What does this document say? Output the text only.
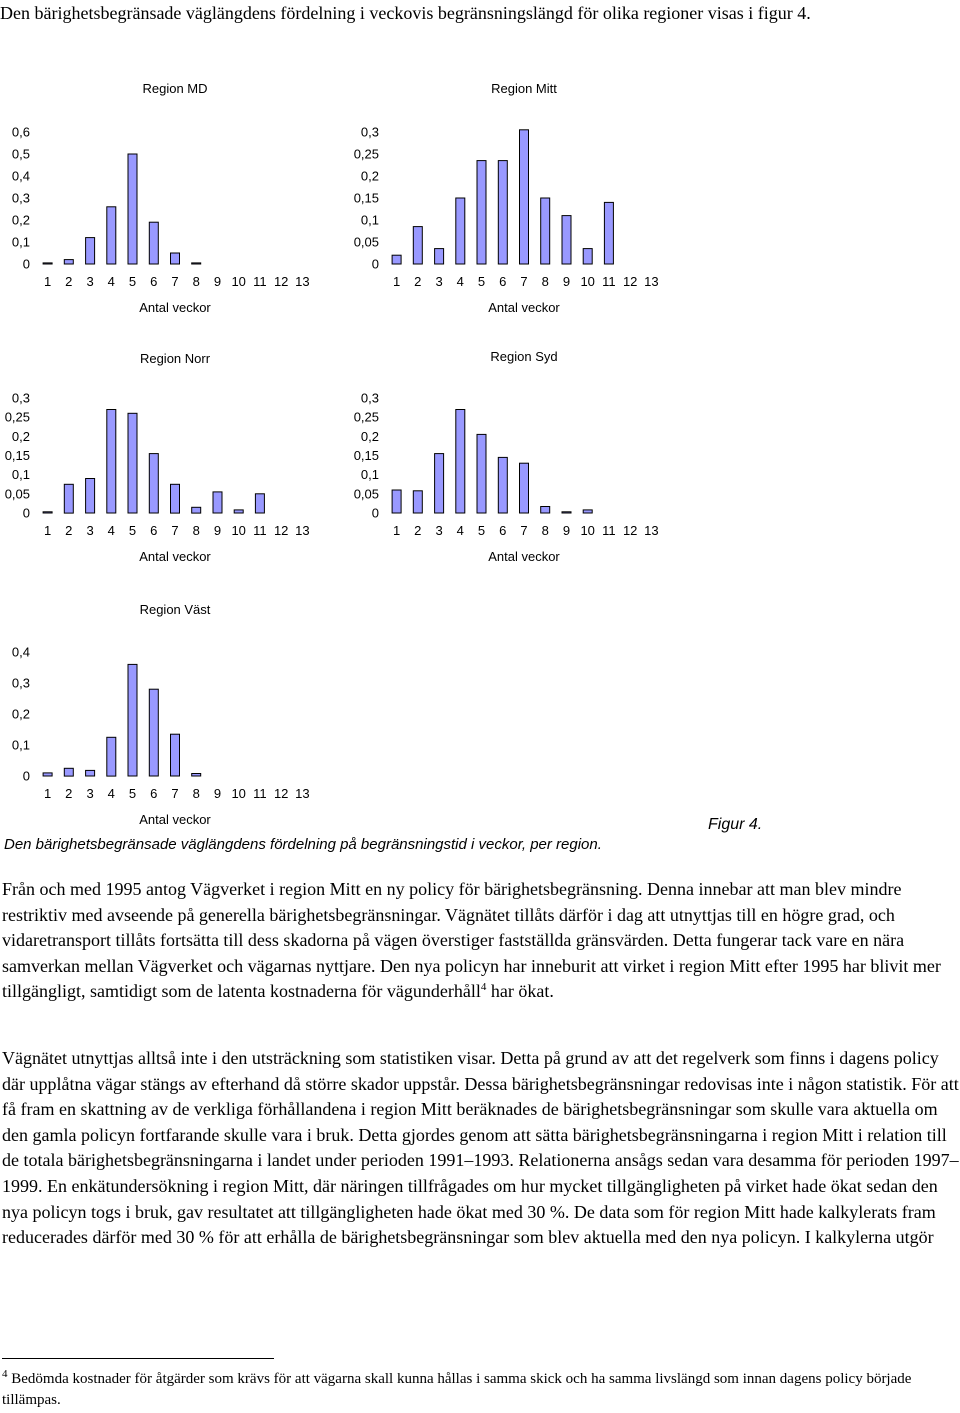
Den bärighetsbegränsade väglängdens fördelning i veckovis begränsningslängd för olika regioner visas i figur 4.

Region MD
0
0,1
0,2
0,3
0,4
0,5
0,6
1 2 3 4 5 6 7 8 9 10 11 12 13
Antal veckor
Region Mitt
0
0,05
0,1
0,15
0,2
0,25
0,3
1 2 3 4 5 6 7 8 9 10 11 12 13
Antal veckor
Region Norr
0
0,05
0,1
0,15
0,2
0,25
0,3
1 2 3 4 5 6 7 8 9 10 11 12 13
Antal veckor
Region Syd
0
0,05
0,1
0,15
0,2
0,25
0,3
1 2 3 4 5 6 7 8 9 10 11 12 13
Antal veckor
Region Väst
0
0,1
0,2
0,3
0,4
1 2 3 4 5 6 7 8 9 10 11 12 13
Antal veckor	Figur 4.
Den bärighetsbegränsade väglängdens fördelning på begränsningstid i veckor, per region.

Från och med 1995 antog Vägverket i region Mitt en ny policy för bärighetsbegränsning. Denna innebar att man blev mindre restriktiv med avseende på generella bärighetsbegränsningar. Vägnätet tillåts därför i dag att utnyttjas till en högre grad, och vidaretransport tillåts fortsätta till dess skadorna på vägen överstiger fastställda gränsvärden. Detta fungerar tack vare en nära samverkan mellan Vägverket och vägarnas nyttjare. Den nya policyn har inneburit att virket i region Mitt efter 1995 har blivit mer tillgängligt, samtidigt som de latenta kostnaderna för vägunderhåll$^4$ har ökat.

Vägnätet utnyttjas alltså inte i den utsträckning som statistiken visar. Detta på grund av att det regelverk som finns i dagens policy där upplåtna vägar stängs av efterhand då större skador uppstår. Dessa bärighetsbegränsningar redovisas inte i någon statistik. För att få fram en skattning av de verkliga förhållandena i region Mitt beräknades de bärighetsbegränsningar som skulle vara aktuella om den gamla policyn fortfarande skulle vara i bruk. Detta gjordes genom att sätta bärighetsbegränsningarna i region Mitt i relation till de totala bärighetsbegränsningarna i landet under perioden 1991–1993. Relationerna ansågs sedan vara desamma för perioden 1997–1999. En enkätundersökning i region Mitt, där näringen tillfrågades om hur mycket tillgängligheten på virket hade ökat sedan den nya policyn togs i bruk, gav resultatet att tillgängligheten hade ökat med 30 %. De data som för region Mitt hade kalkylerats fram reducerades därför med 30 % för att erhålla de bärighetsbegränsningar som blev aktuella med den nya policyn. I kalkylerna utgör

$^4$ Bedömda kostnader för åtgärder som krävs för att vägarna skall kunna hållas i samma skick och ha samma livslängd som innan dagens policy började tillämpas.
